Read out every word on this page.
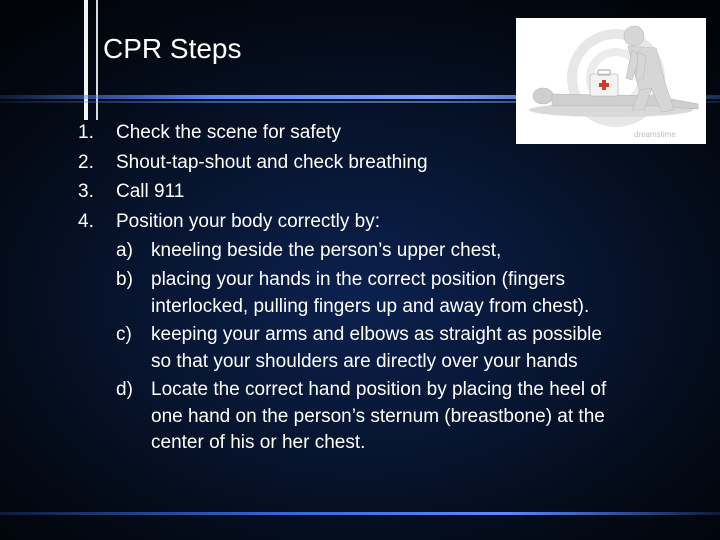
CPR Steps
dreamstime
1. Check the scene for safety
2. Shout-tap-shout and check breathing
3. Call 911
4. Position your body correctly by:
a) kneeling beside the person’s upper chest,
b) placing your hands in the correct position (fingers
interlocked, pulling fingers up and away from chest).
c) keeping your arms and elbows as straight as possible
so that your shoulders are directly over your hands
d) Locate the correct hand position by placing the heel of
one hand on the person’s sternum (breastbone) at the
center of his or her chest.
